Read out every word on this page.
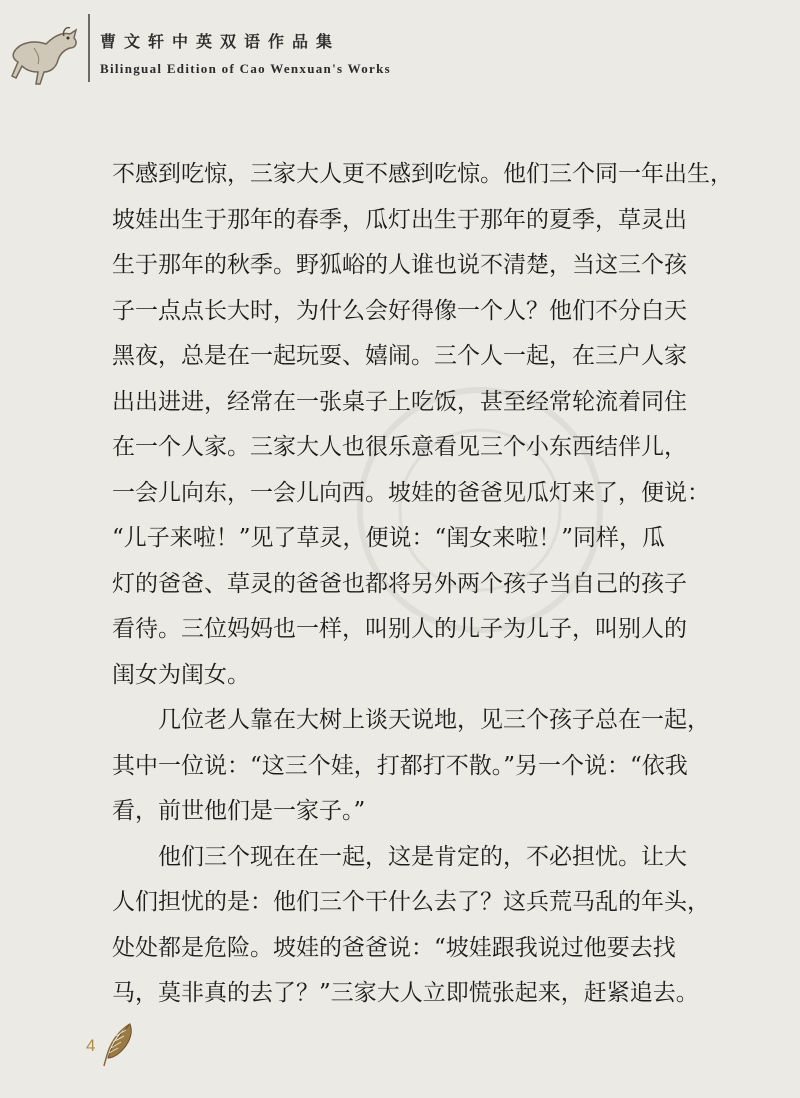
曹文轩中英双语作品集
Bilingual Edition of Cao Wenxuan's Works
不感到吃惊，三家大人更不感到吃惊。他们三个同一年出生，
坡娃出生于那年的春季，瓜灯出生于那年的夏季，草灵出
生于那年的秋季。野狐峪的人谁也说不清楚，当这三个孩
子一点点长大时，为什么会好得像一个人？他们不分白天
黑夜，总是在一起玩耍、嬉闹。三个人一起，在三户人家
出出进进，经常在一张桌子上吃饭，甚至经常轮流着同住
在一个人家。三家大人也很乐意看见三个小东西结伴儿，
一会儿向东，一会儿向西。坡娃的爸爸见瓜灯来了，便说：
“儿子来啦！”见了草灵，便说：“闺女来啦！”同样，瓜
灯的爸爸、草灵的爸爸也都将另外两个孩子当自己的孩子
看待。三位妈妈也一样，叫别人的儿子为儿子，叫别人的
闺女为闺女。
几位老人靠在大树上谈天说地，见三个孩子总在一起，
其中一位说：“这三个娃，打都打不散。”另一个说：“依我
看，前世他们是一家子。”
他们三个现在在一起，这是肯定的，不必担忧。让大
人们担忧的是：他们三个干什么去了？这兵荒马乱的年头，
处处都是危险。坡娃的爸爸说：“坡娃跟我说过他要去找
马，莫非真的去了？”三家大人立即慌张起来，赶紧追去。
4
